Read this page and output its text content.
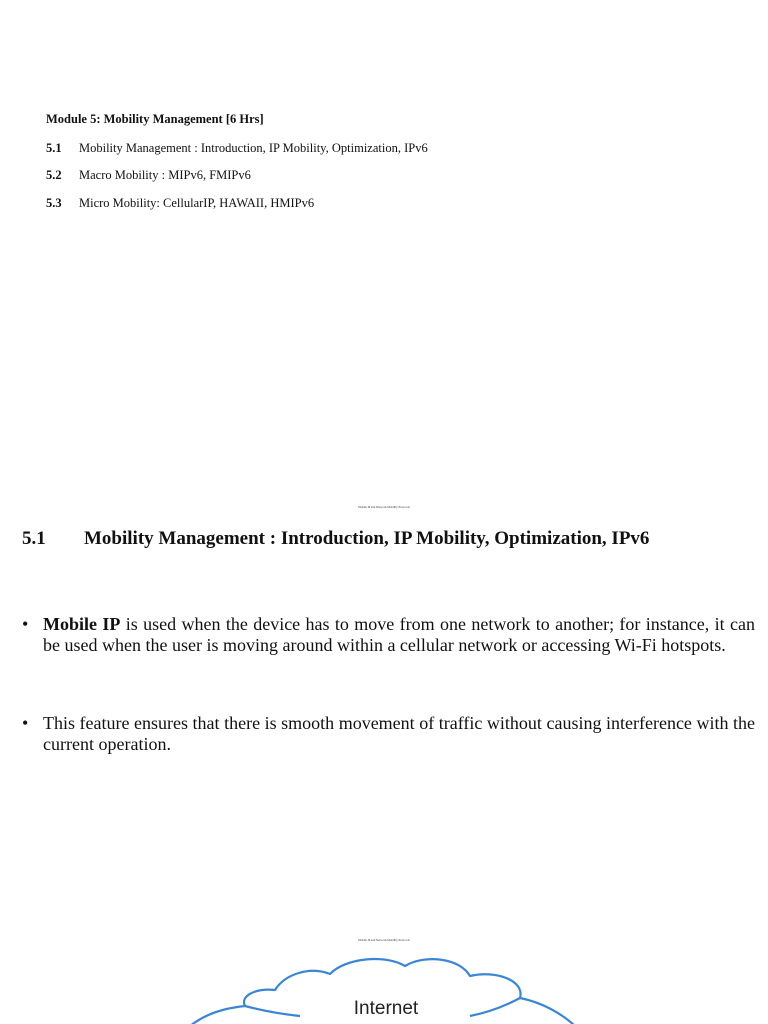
Module 5: Mobility Management [6 Hrs]
5.1 Mobility Management : Introduction, IP Mobility, Optimization, IPv6
5.2 Macro Mobility : MIPv6, FMIPv6
5.3 Micro Mobility: CellularIP, HAWAII, HMIPv6
Mobile IP and Network Mobility Protocols
5.1 Mobility Management : Introduction, IP Mobility, Optimization, IPv6
• Mobile IP is used when the device has to move from one network to another; for instance, it can be used when the user is moving around within a cellular network or accessing Wi-Fi hotspots.
• This feature ensures that there is smooth movement of traffic without causing interference with the current operation.
Mobile IP and Network Mobility Protocols
Internet
